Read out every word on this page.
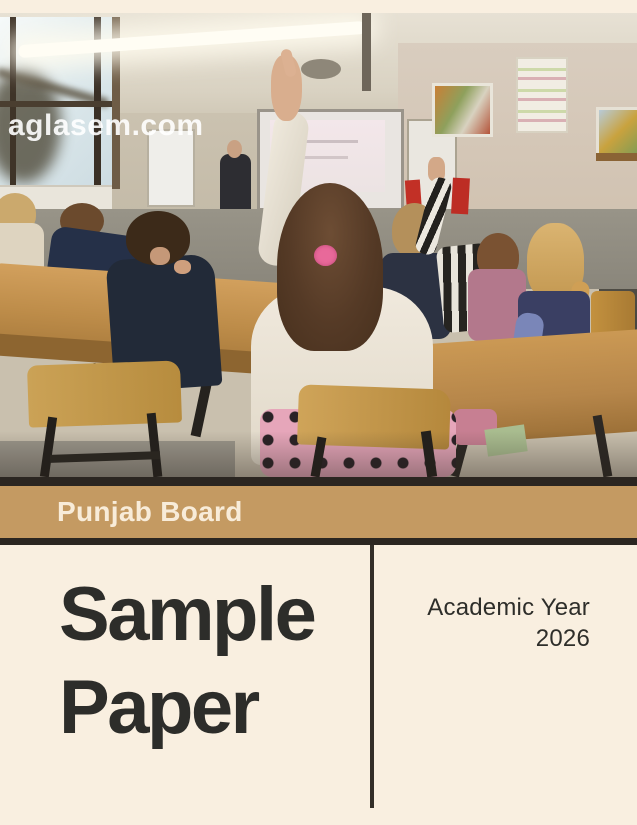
aglasem.com
Punjab Board
Sample
Paper
Academic Year
2026
